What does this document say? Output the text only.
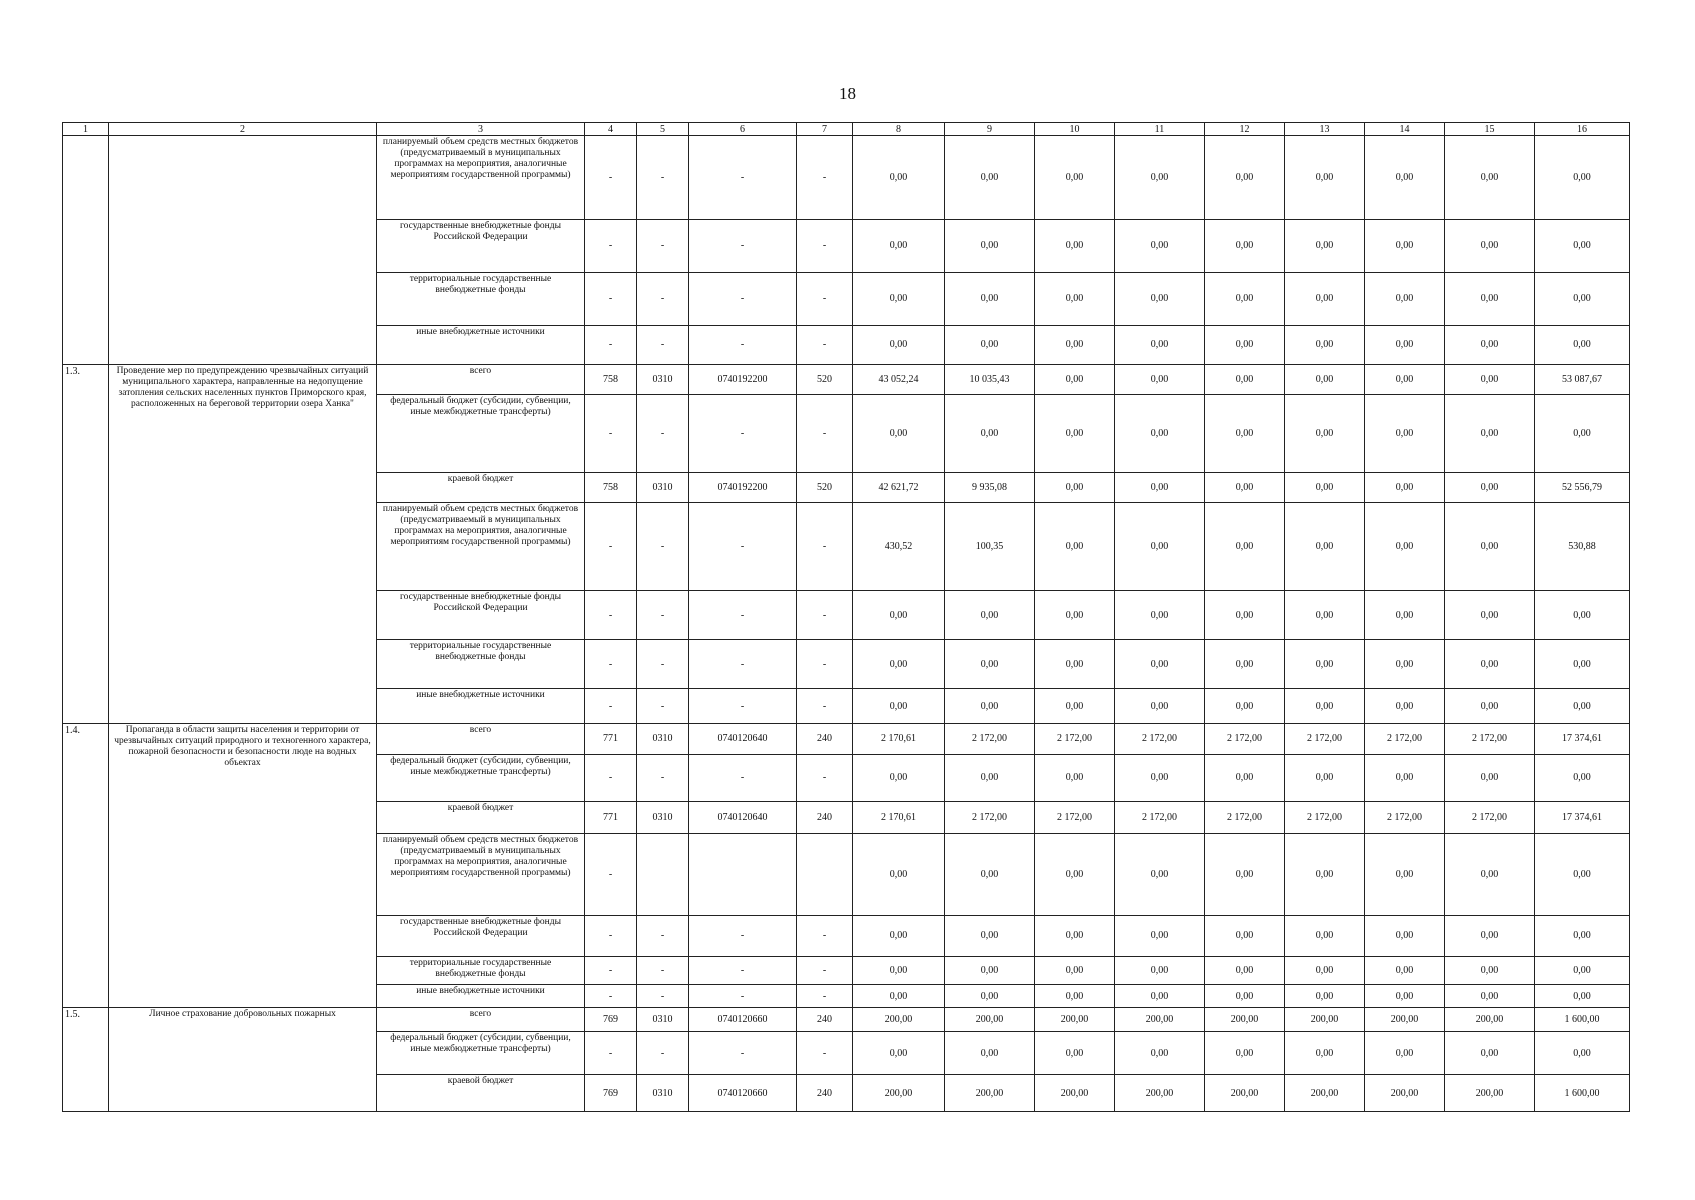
18
1	2	3	4	5	6	7	8	9	10	11	12	13	14	15	16
		планируемый объем средств местных бюджетов (предусматриваемый в муниципальных программах на мероприятия, аналогичные мероприятиям государственной программы)	-	-	-	-	0,00	0,00	0,00	0,00	0,00	0,00	0,00	0,00	0,00
		государственные внебюджетные фонды Российской Федерации	-	-	-	-	0,00	0,00	0,00	0,00	0,00	0,00	0,00	0,00	0,00
		территориальные государственные внебюджетные фонды	-	-	-	-	0,00	0,00	0,00	0,00	0,00	0,00	0,00	0,00	0,00
		иные внебюджетные источники	-	-	-	-	0,00	0,00	0,00	0,00	0,00	0,00	0,00	0,00	0,00
1.3.	Проведение мер по предупреждению чрезвычайных ситуаций муниципального характера, направленные на недопущение затопления сельских населенных пунктов Приморского края, расположенных на береговой территории озера Ханка"	всего	758	0310	0740192200	520	43 052,24	10 035,43	0,00	0,00	0,00	0,00	0,00	0,00	53 087,67
		федеральный бюджет (субсидии, субвенции, иные межбюджетные трансферты)	-	-	-	-	0,00	0,00	0,00	0,00	0,00	0,00	0,00	0,00	0,00
		краевой бюджет	758	0310	0740192200	520	42 621,72	9 935,08	0,00	0,00	0,00	0,00	0,00	0,00	52 556,79
		планируемый объем средств местных бюджетов (предусматриваемый в муниципальных программах на мероприятия, аналогичные мероприятиям государственной программы)	-	-	-	-	430,52	100,35	0,00	0,00	0,00	0,00	0,00	0,00	530,88
		государственные внебюджетные фонды Российской Федерации	-	-	-	-	0,00	0,00	0,00	0,00	0,00	0,00	0,00	0,00	0,00
		территориальные государственные внебюджетные фонды	-	-	-	-	0,00	0,00	0,00	0,00	0,00	0,00	0,00	0,00	0,00
		иные внебюджетные источники	-	-	-	-	0,00	0,00	0,00	0,00	0,00	0,00	0,00	0,00	0,00
1.4.	Пропаганда в области защиты населения и территории от чрезвычайных ситуаций природного и техногенного характера, пожарной безопасности и безопасности люде на водных объектах	всего	771	0310	0740120640	240	2 170,61	2 172,00	2 172,00	2 172,00	2 172,00	2 172,00	2 172,00	2 172,00	17 374,61
		федеральный бюджет (субсидии, субвенции, иные межбюджетные трансферты)	-	-	-	-	0,00	0,00	0,00	0,00	0,00	0,00	0,00	0,00	0,00
		краевой бюджет	771	0310	0740120640	240	2 170,61	2 172,00	2 172,00	2 172,00	2 172,00	2 172,00	2 172,00	2 172,00	17 374,61
		планируемый объем средств местных бюджетов (предусматриваемый в муниципальных программах на мероприятия, аналогичные мероприятиям государственной программы)	-				0,00	0,00	0,00	0,00	0,00	0,00	0,00	0,00	0,00
		государственные внебюджетные фонды Российской Федерации	-	-	-	-	0,00	0,00	0,00	0,00	0,00	0,00	0,00	0,00	0,00
		территориальные государственные внебюджетные фонды	-	-	-	-	0,00	0,00	0,00	0,00	0,00	0,00	0,00	0,00	0,00
		иные внебюджетные источники	-	-	-	-	0,00	0,00	0,00	0,00	0,00	0,00	0,00	0,00	0,00
1.5.	Личное страхование добровольных пожарных	всего	769	0310	0740120660	240	200,00	200,00	200,00	200,00	200,00	200,00	200,00	200,00	1 600,00
		федеральный бюджет (субсидии, субвенции, иные межбюджетные трансферты)	-	-	-	-	0,00	0,00	0,00	0,00	0,00	0,00	0,00	0,00	0,00
		краевой бюджет	769	0310	0740120660	240	200,00	200,00	200,00	200,00	200,00	200,00	200,00	200,00	1 600,00
